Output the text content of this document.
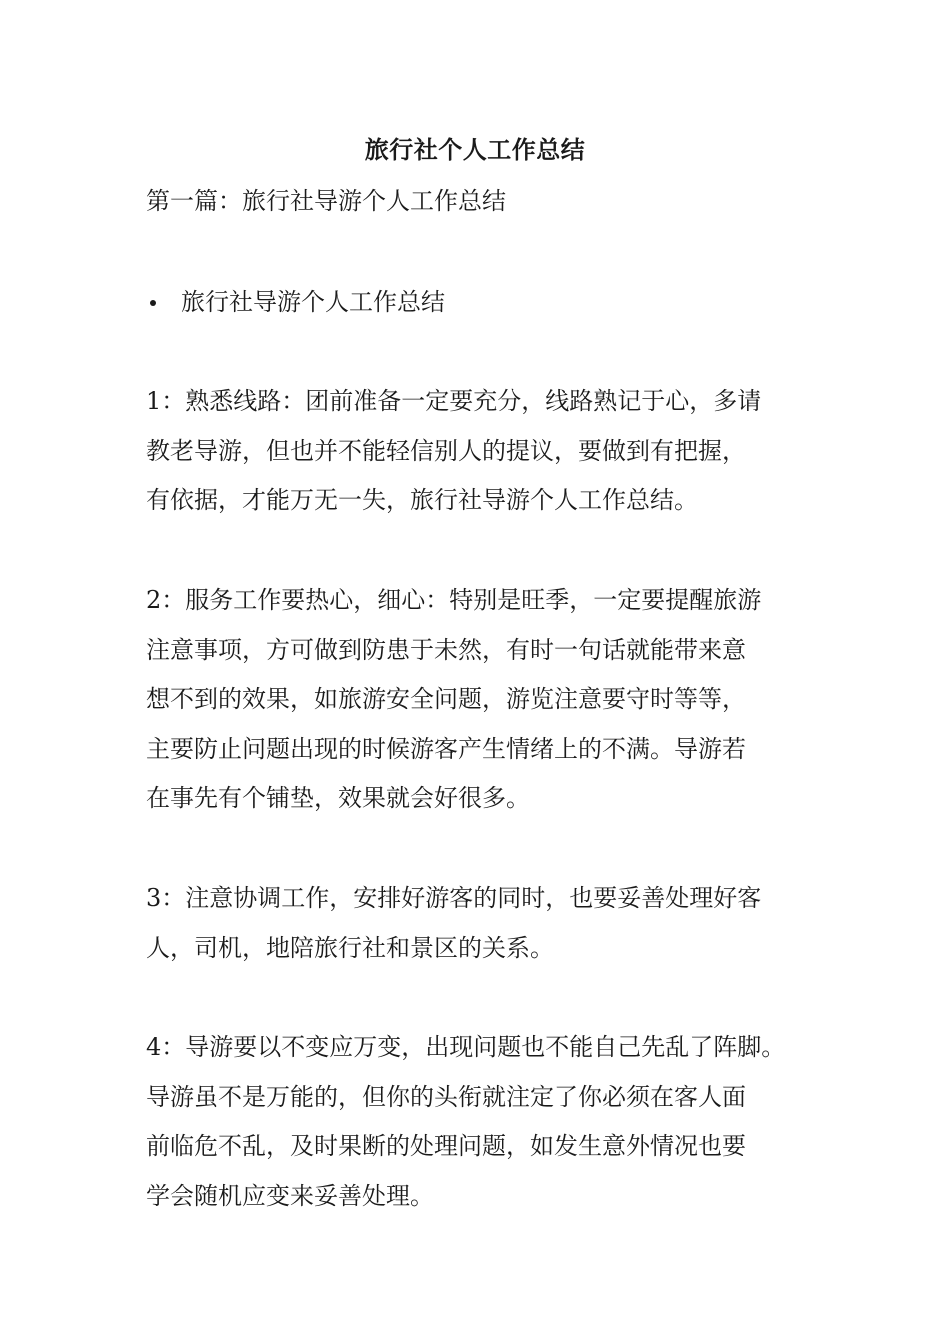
旅行社个人工作总结
第一篇：旅行社导游个人工作总结
旅行社导游个人工作总结
1：熟悉线路：团前准备一定要充分，线路熟记于心，多请
教老导游，但也并不能轻信别人的提议，要做到有把握，
有依据，才能万无一失，旅行社导游个人工作总结。
2：服务工作要热心，细心：特别是旺季，一定要提醒旅游
注意事项，方可做到防患于未然，有时一句话就能带来意
想不到的效果，如旅游安全问题，游览注意要守时等等，
主要防止问题出现的时候游客产生情绪上的不满。导游若
在事先有个铺垫，效果就会好很多。
3：注意协调工作，安排好游客的同时，也要妥善处理好客
人，司机，地陪旅行社和景区的关系。
4：导游要以不变应万变，出现问题也不能自己先乱了阵脚。
导游虽不是万能的，但你的头衔就注定了你必须在客人面
前临危不乱，及时果断的处理问题，如发生意外情况也要
学会随机应变来妥善处理。
